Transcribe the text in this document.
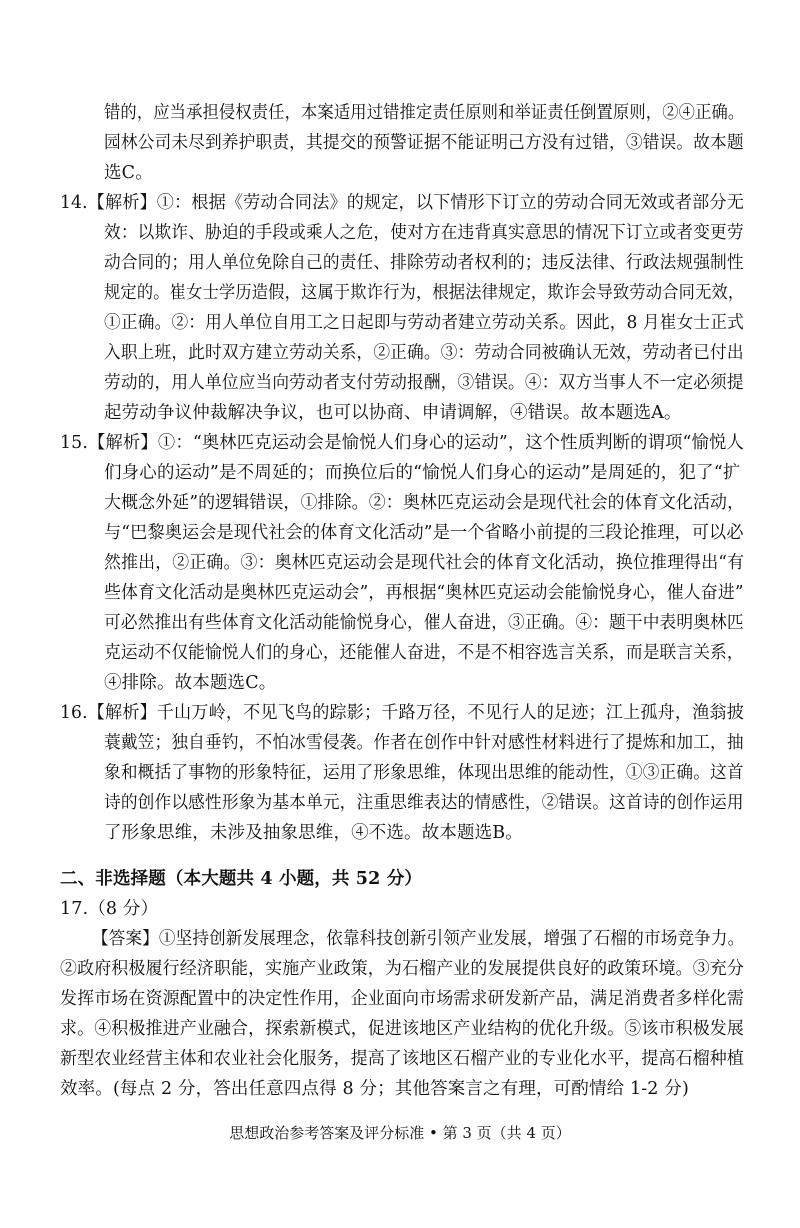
错的，应当承担侵权责任，本案适用过错推定责任原则和举证责任倒置原则，②④正确。
园林公司未尽到养护职责，其提交的预警证据不能证明己方没有过错，③错误。故本题
选C。
14.【解析】①：根据《劳动合同法》的规定，以下情形下订立的劳动合同无效或者部分无
效：以欺诈、胁迫的手段或乘人之危，使对方在违背真实意思的情况下订立或者变更劳
动合同的；用人单位免除自己的责任、排除劳动者权利的；违反法律、行政法规强制性
规定的。崔女士学历造假，这属于欺诈行为，根据法律规定，欺诈会导致劳动合同无效，
①正确。②：用人单位自用工之日起即与劳动者建立劳动关系。因此，8 月崔女士正式
入职上班，此时双方建立劳动关系，②正确。③：劳动合同被确认无效，劳动者已付出
劳动的，用人单位应当向劳动者支付劳动报酬，③错误。④：双方当事人不一定必须提
起劳动争议仲裁解决争议，也可以协商、申请调解，④错误。故本题选A。
15.【解析】①：“奥林匹克运动会是愉悦人们身心的运动”，这个性质判断的谓项“愉悦人
们身心的运动”是不周延的；而换位后的“愉悦人们身心的运动”是周延的，犯了“扩
大概念外延”的逻辑错误，①排除。②：奥林匹克运动会是现代社会的体育文化活动，
与“巴黎奥运会是现代社会的体育文化活动”是一个省略小前提的三段论推理，可以必
然推出，②正确。③：奥林匹克运动会是现代社会的体育文化活动，换位推理得出“有
些体育文化活动是奥林匹克运动会”，再根据“奥林匹克运动会能愉悦身心，催人奋进”
可必然推出有些体育文化活动能愉悦身心，催人奋进，③正确。④：题干中表明奥林匹
克运动不仅能愉悦人们的身心，还能催人奋进，不是不相容选言关系，而是联言关系，
④排除。故本题选C。
16.【解析】千山万岭，不见飞鸟的踪影；千路万径，不见行人的足迹；江上孤舟，渔翁披
蓑戴笠；独自垂钓，不怕冰雪侵袭。作者在创作中针对感性材料进行了提炼和加工，抽
象和概括了事物的形象特征，运用了形象思维，体现出思维的能动性，①③正确。这首
诗的创作以感性形象为基本单元，注重思维表达的情感性，②错误。这首诗的创作运用
了形象思维，未涉及抽象思维，④不选。故本题选B。
二、非选择题（本大题共 4 小题，共 52 分）
17.（8 分）
【答案】①坚持创新发展理念，依靠科技创新引领产业发展，增强了石榴的市场竞争力。
②政府积极履行经济职能，实施产业政策，为石榴产业的发展提供良好的政策环境。③充分
发挥市场在资源配置中的决定性作用，企业面向市场需求研发新产品，满足消费者多样化需
求。④积极推进产业融合，探索新模式，促进该地区产业结构的优化升级。⑤该市积极发展
新型农业经营主体和农业社会化服务，提高了该地区石榴产业的专业化水平，提高石榴种植
效率。(每点 2 分，答出任意四点得 8 分；其他答案言之有理，可酌情给 1-2 分)
思想政治参考答案及评分标准 • 第 3 页（共 4 页）
